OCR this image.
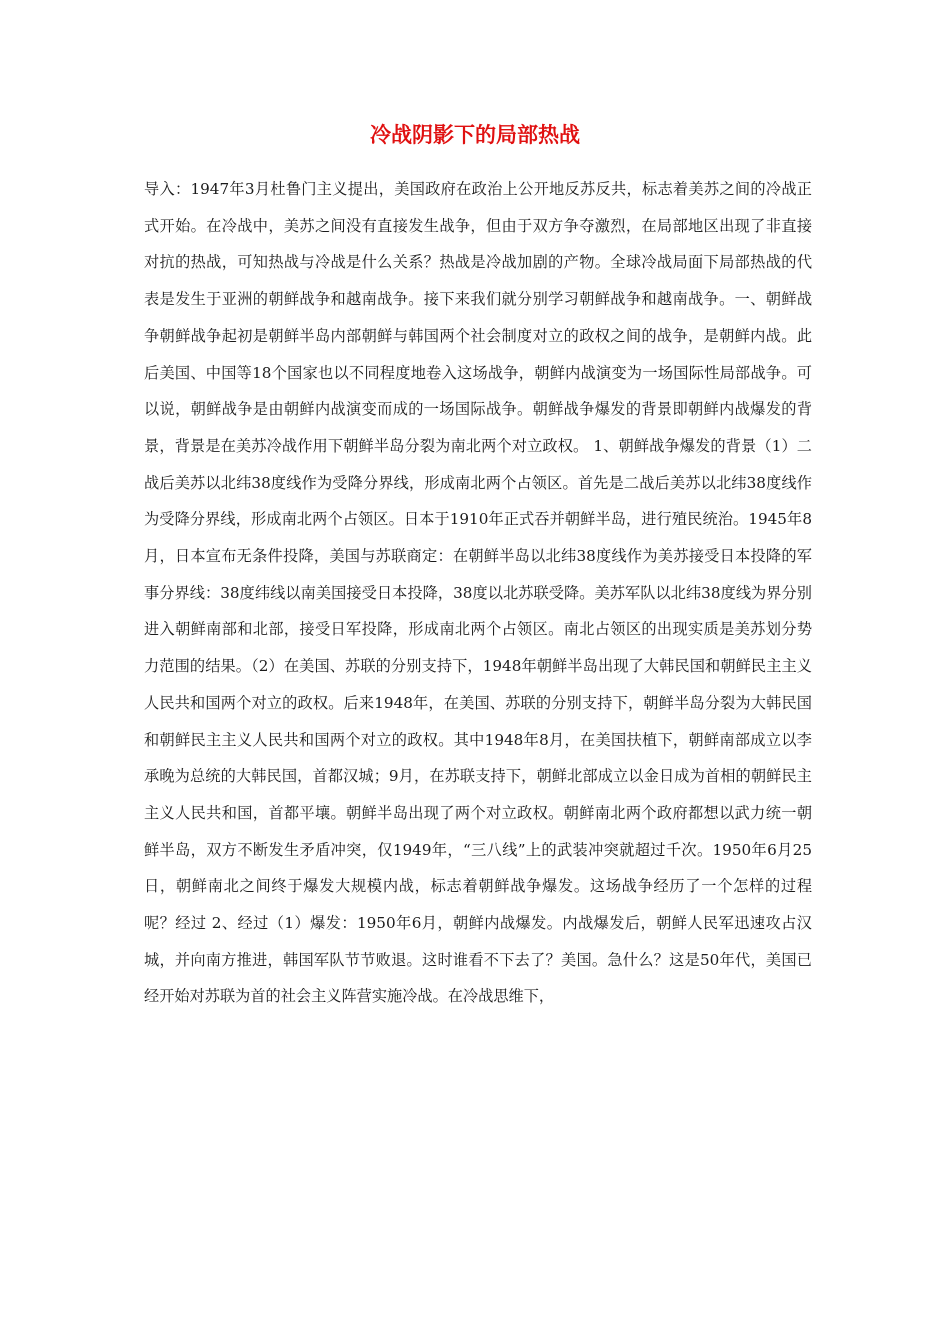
冷战阴影下的局部热战

导入：1947年3月杜鲁门主义提出，美国政府在政治上公开地反苏反共，标志着美苏之间的冷战正式开始。在冷战中，美苏之间没有直接发生战争，但由于双方争夺激烈，在局部地区出现了非直接对抗的热战，可知热战与冷战是什么关系？热战是冷战加剧的产物。全球冷战局面下局部热战的代表是发生于亚洲的朝鲜战争和越南战争。接下来我们就分别学习朝鲜战争和越南战争。一、朝鲜战争朝鲜战争起初是朝鲜半岛内部朝鲜与韩国两个社会制度对立的政权之间的战争，是朝鲜内战。此后美国、中国等18个国家也以不同程度地卷入这场战争，朝鲜内战演变为一场国际性局部战争。可以说，朝鲜战争是由朝鲜内战演变而成的一场国际战争。朝鲜战争爆发的背景即朝鲜内战爆发的背景，背景是在美苏冷战作用下朝鲜半岛分裂为南北两个对立政权。 1、朝鲜战争爆发的背景（1）二战后美苏以北纬38度线作为受降分界线，形成南北两个占领区。首先是二战后美苏以北纬38度线作为受降分界线，形成南北两个占领区。日本于1910年正式吞并朝鲜半岛，进行殖民统治。1945年8月，日本宣布无条件投降，美国与苏联商定：在朝鲜半岛以北纬38度线作为美苏接受日本投降的军事分界线：38度纬线以南美国接受日本投降，38度以北苏联受降。美苏军队以北纬38度线为界分别进入朝鲜南部和北部，接受日军投降，形成南北两个占领区。南北占领区的出现实质是美苏划分势力范围的结果。（2）在美国、苏联的分别支持下，1948年朝鲜半岛出现了大韩民国和朝鲜民主主义人民共和国两个对立的政权。后来1948年，在美国、苏联的分别支持下，朝鲜半岛分裂为大韩民国和朝鲜民主主义人民共和国两个对立的政权。其中1948年8月，在美国扶植下，朝鲜南部成立以李承晚为总统的大韩民国，首都汉城；9月，在苏联支持下，朝鲜北部成立以金日成为首相的朝鲜民主主义人民共和国，首都平壤。朝鲜半岛出现了两个对立政权。朝鲜南北两个政府都想以武力统一朝鲜半岛，双方不断发生矛盾冲突，仅1949年，“三八线”上的武装冲突就超过千次。1950年6月25日，朝鲜南北之间终于爆发大规模内战，标志着朝鲜战争爆发。这场战争经历了一个怎样的过程呢？经过 2、经过（1）爆发：1950年6月，朝鲜内战爆发。内战爆发后，朝鲜人民军迅速攻占汉城，并向南方推进，韩国军队节节败退。这时谁看不下去了？美国。急什么？这是50年代，美国已经开始对苏联为首的社会主义阵营实施冷战。在冷战思维下，
